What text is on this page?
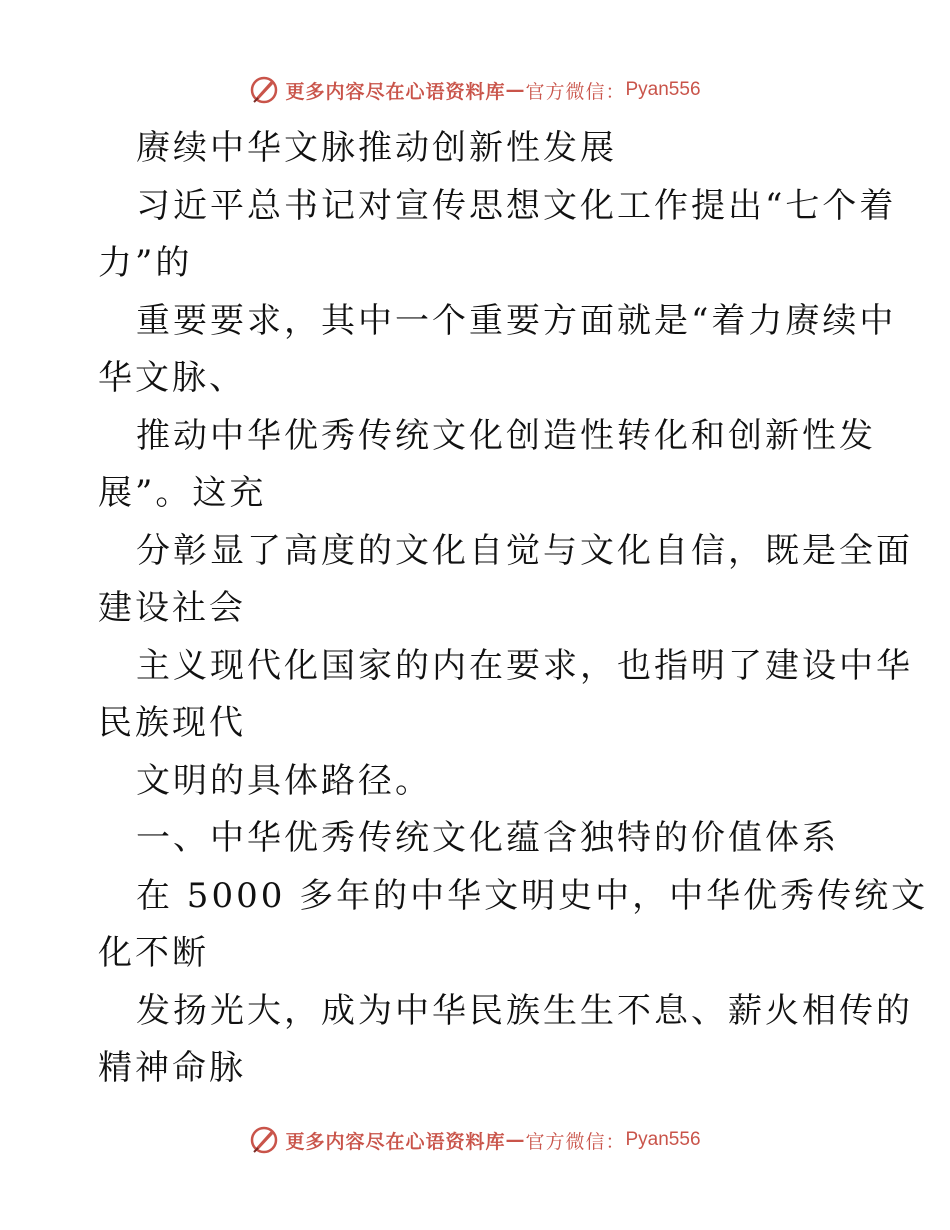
更多内容尽在心语资料库 — 官方微信： Pyan556
赓续中华文脉推动创新性发展
习近平总书记对宣传思想文化工作提出“七个着
力”的
重要要求，其中一个重要方面就是“着力赓续中
华文脉、
推动中华优秀传统文化创造性转化和创新性发
展”。这充
分彰显了高度的文化自觉与文化自信，既是全面
建设社会
主义现代化国家的内在要求，也指明了建设中华
民族现代
文明的具体路径。
一、中华优秀传统文化蕴含独特的价值体系
在 5000 多年的中华文明史中，中华优秀传统文
化不断
发扬光大，成为中华民族生生不息、薪火相传的
精神命脉
更多内容尽在心语资料库 — 官方微信： Pyan556
